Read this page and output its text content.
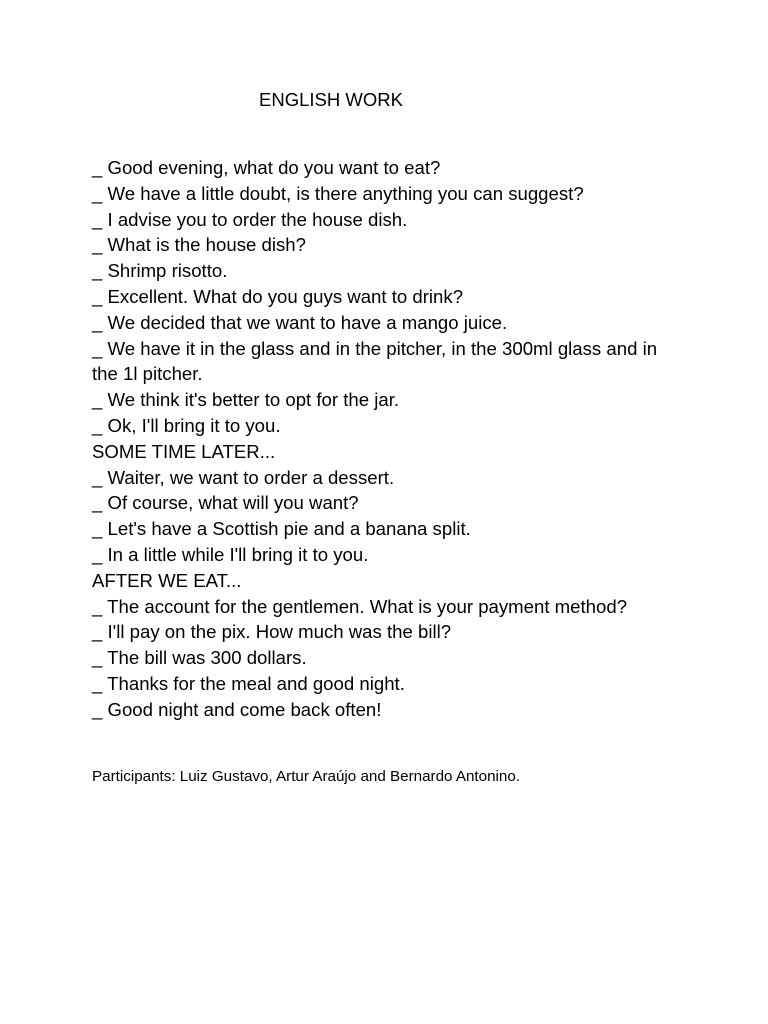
ENGLISH WORK
_ Good evening, what do you want to eat?
_ We have a little doubt, is there anything you can suggest?
_ I advise you to order the house dish.
_ What is the house dish?
_ Shrimp risotto.
_ Excellent. What do you guys want to drink?
_ We decided that we want to have a mango juice.
_ We have it in the glass and in the pitcher, in the 300ml glass and in the 1l pitcher.
_ We think it's better to opt for the jar.
_ Ok, I'll bring it to you.
SOME TIME LATER...
_ Waiter, we want to order a dessert.
_ Of course, what will you want?
_ Let's have a Scottish pie and a banana split.
_ In a little while I'll bring it to you.
AFTER WE EAT...
_ The account for the gentlemen. What is your payment method?
_ I'll pay on the pix. How much was the bill?
_ The bill was 300 dollars.
_ Thanks for the meal and good night.
_ Good night and come back often!

Participants: Luiz Gustavo, Artur Araújo and Bernardo Antonino.
